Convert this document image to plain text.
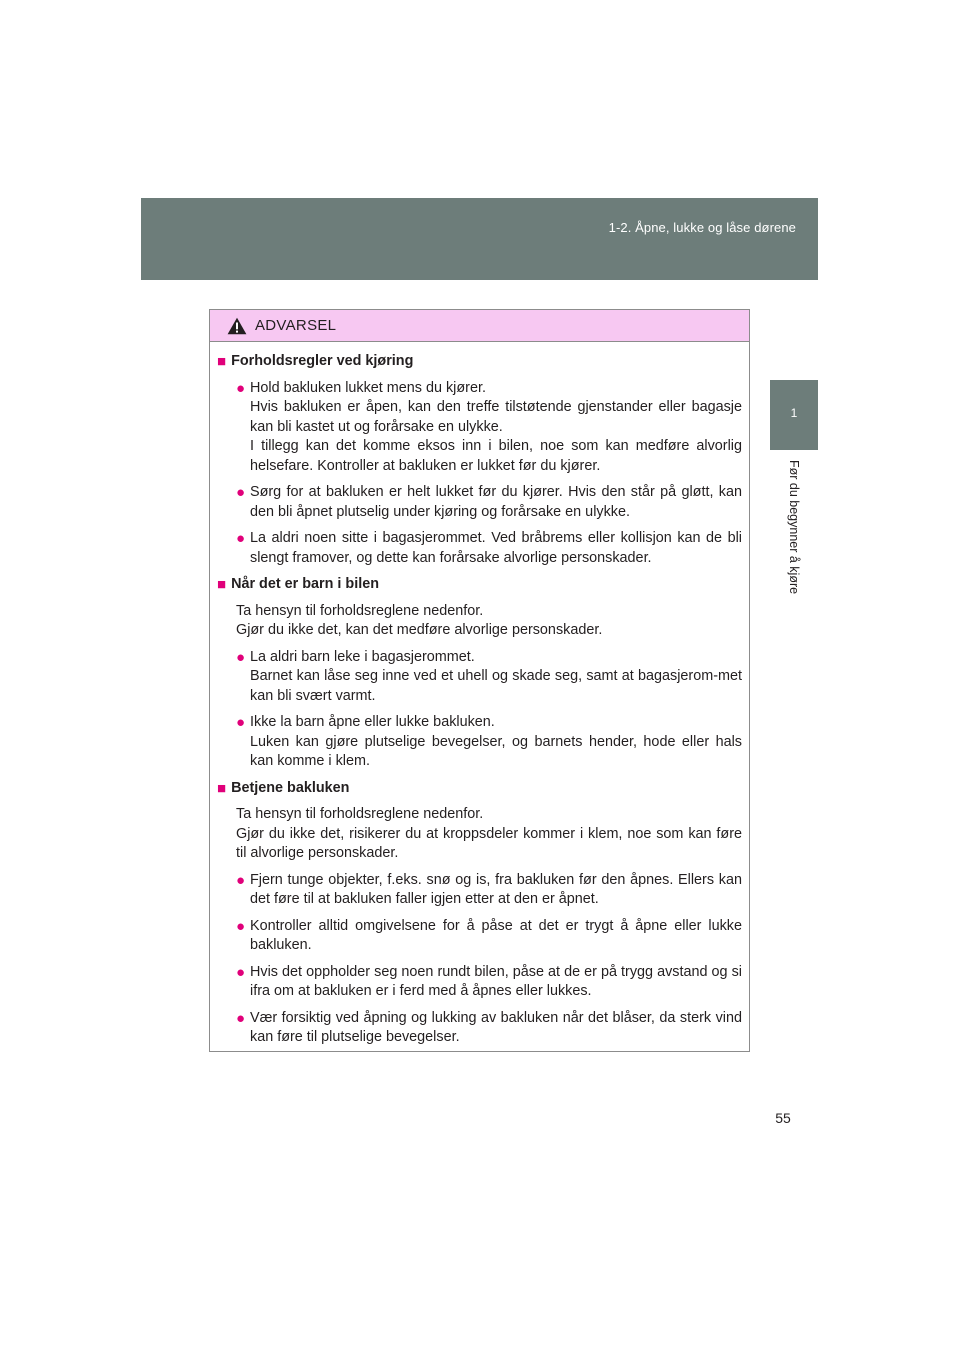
1-2. Åpne, lukke og låse dørene
1
Før du begynner å kjøre
ADVARSEL
■ Forholdsregler ved kjøring
● Hold bakluken lukket mens du kjører.
Hvis bakluken er åpen, kan den treffe tilstøtende gjenstander eller bagasje kan bli kastet ut og forårsake en ulykke.
I tillegg kan det komme eksos inn i bilen, noe som kan medføre alvorlig helsefare. Kontroller at bakluken er lukket før du kjører.
● Sørg for at bakluken er helt lukket før du kjører. Hvis den står på gløtt, kan den bli åpnet plutselig under kjøring og forårsake en ulykke.
● La aldri noen sitte i bagasjerommet. Ved bråbrems eller kollisjon kan de bli slengt framover, og dette kan forårsake alvorlige personskader.
■ Når det er barn i bilen
Ta hensyn til forholdsreglene nedenfor.
Gjør du ikke det, kan det medføre alvorlige personskader.
● La aldri barn leke i bagasjerommet.
Barnet kan låse seg inne ved et uhell og skade seg, samt at bagasjerom-met kan bli svært varmt.
● Ikke la barn åpne eller lukke bakluken.
Luken kan gjøre plutselige bevegelser, og barnets hender, hode eller hals kan komme i klem.
■ Betjene bakluken
Ta hensyn til forholdsreglene nedenfor.
Gjør du ikke det, risikerer du at kroppsdeler kommer i klem, noe som kan føre til alvorlige personskader.
● Fjern tunge objekter, f.eks. snø og is, fra bakluken før den åpnes. Ellers kan det føre til at bakluken faller igjen etter at den er åpnet.
● Kontroller alltid omgivelsene for å påse at det er trygt å åpne eller lukke bakluken.
● Hvis det oppholder seg noen rundt bilen, påse at de er på trygg avstand og si ifra om at bakluken er i ferd med å åpnes eller lukkes.
● Vær forsiktig ved åpning og lukking av bakluken når det blåser, da sterk vind kan føre til plutselige bevegelser.
55
